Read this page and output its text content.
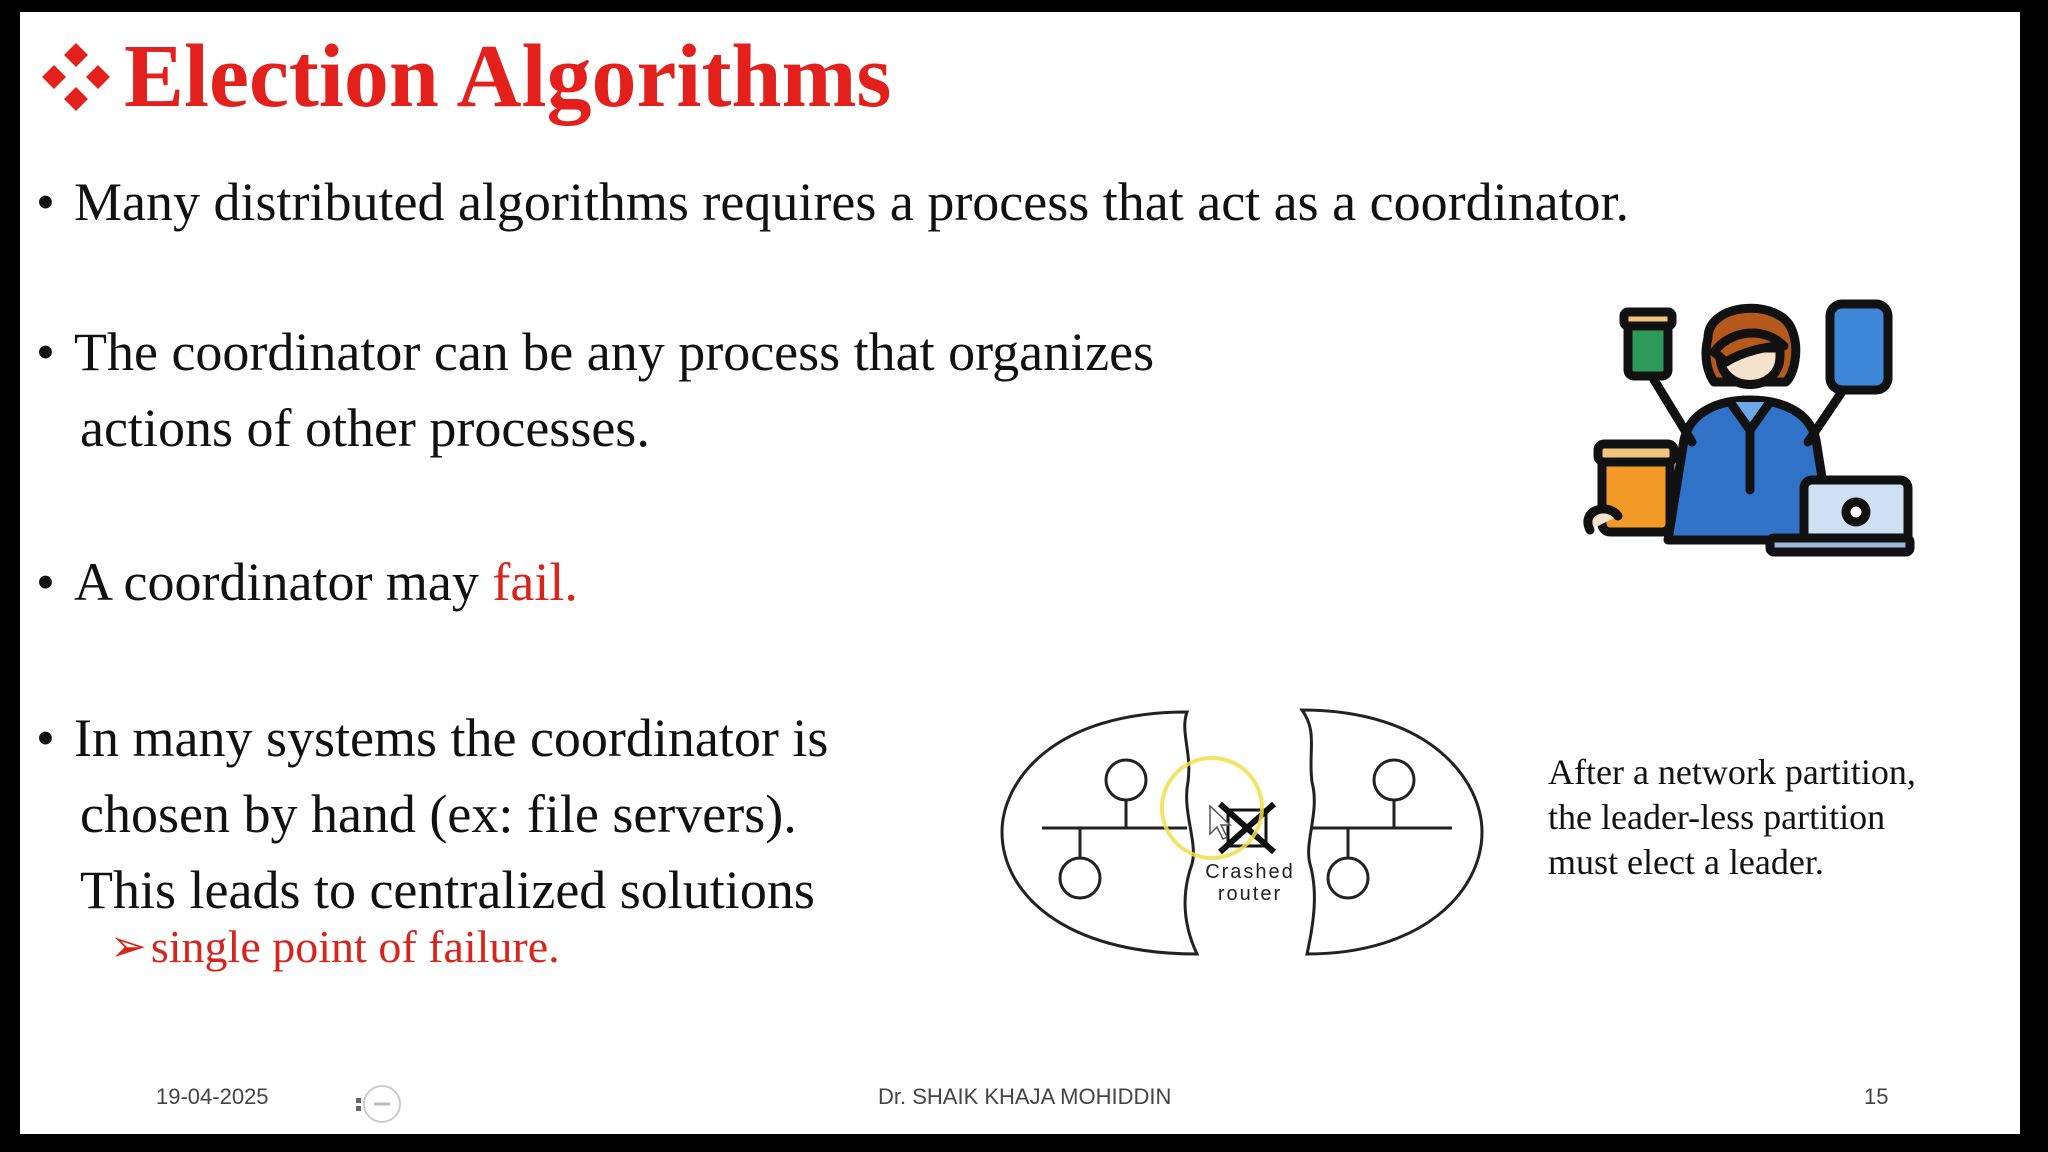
Election Algorithms
• Many distributed algorithms requires a process that act as a coordinator.
• The coordinator can be any process that organizes
actions of other processes.
• A coordinator may fail.
• In many systems the coordinator is
chosen by hand (ex: file servers).
This leads to centralized solutions
➢ single point of failure.
Crashed
router
After a network partition,
the leader-less partition
must elect a leader.
19-04-2025	Dr. SHAIK KHAJA MOHIDDIN	15
